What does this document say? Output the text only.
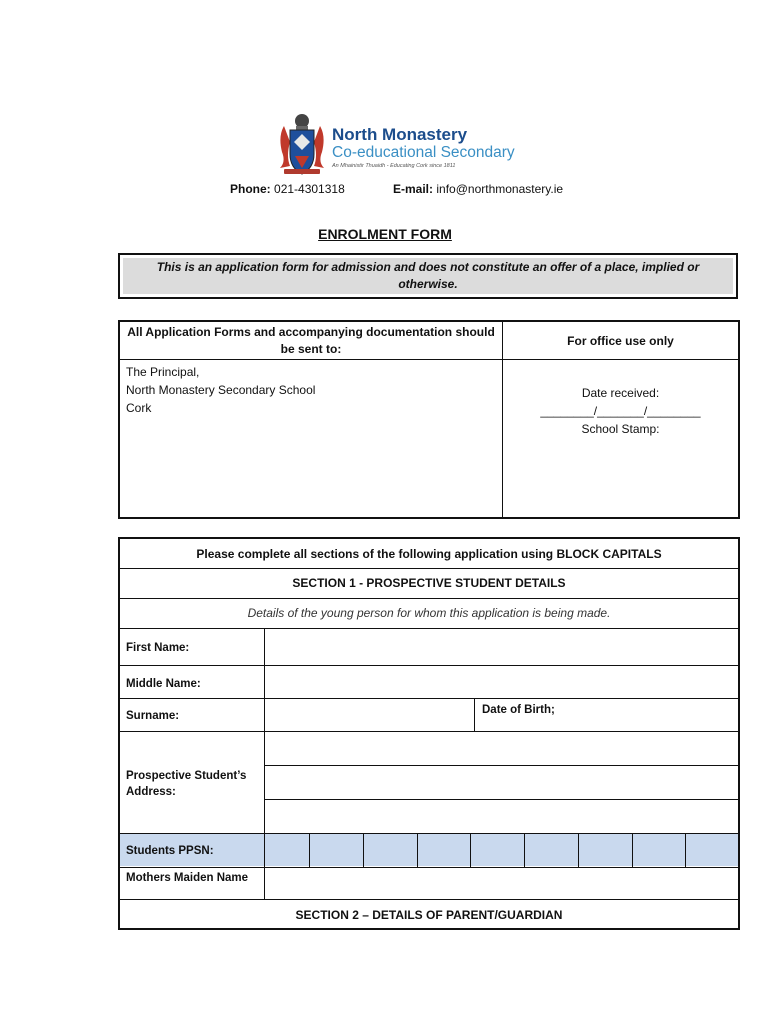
North Monastery
Co-educational Secondary
An Mhainistir Thuaidh - Educating Cork since 1811
Phone: 021-4301318	E-mail: info@northmonastery.ie
ENROLMENT FORM
This is an application form for admission and does not constitute an offer of a place, implied or otherwise.
All Application Forms and accompanying documentation should be sent to:
For office use only
The Principal,
North Monastery Secondary School
Cork
Date received:
________/_______/________
School Stamp:
Please complete all sections of the following application using BLOCK CAPITALS
SECTION 1 - PROSPECTIVE STUDENT DETAILS
Details of the young person for whom this application is being made.
First Name:
Middle Name:
Surname:	Date of Birth;
Prospective Student’s Address:
Students PPSN:
Mothers Maiden Name
SECTION 2 – DETAILS OF PARENT/GUARDIAN
